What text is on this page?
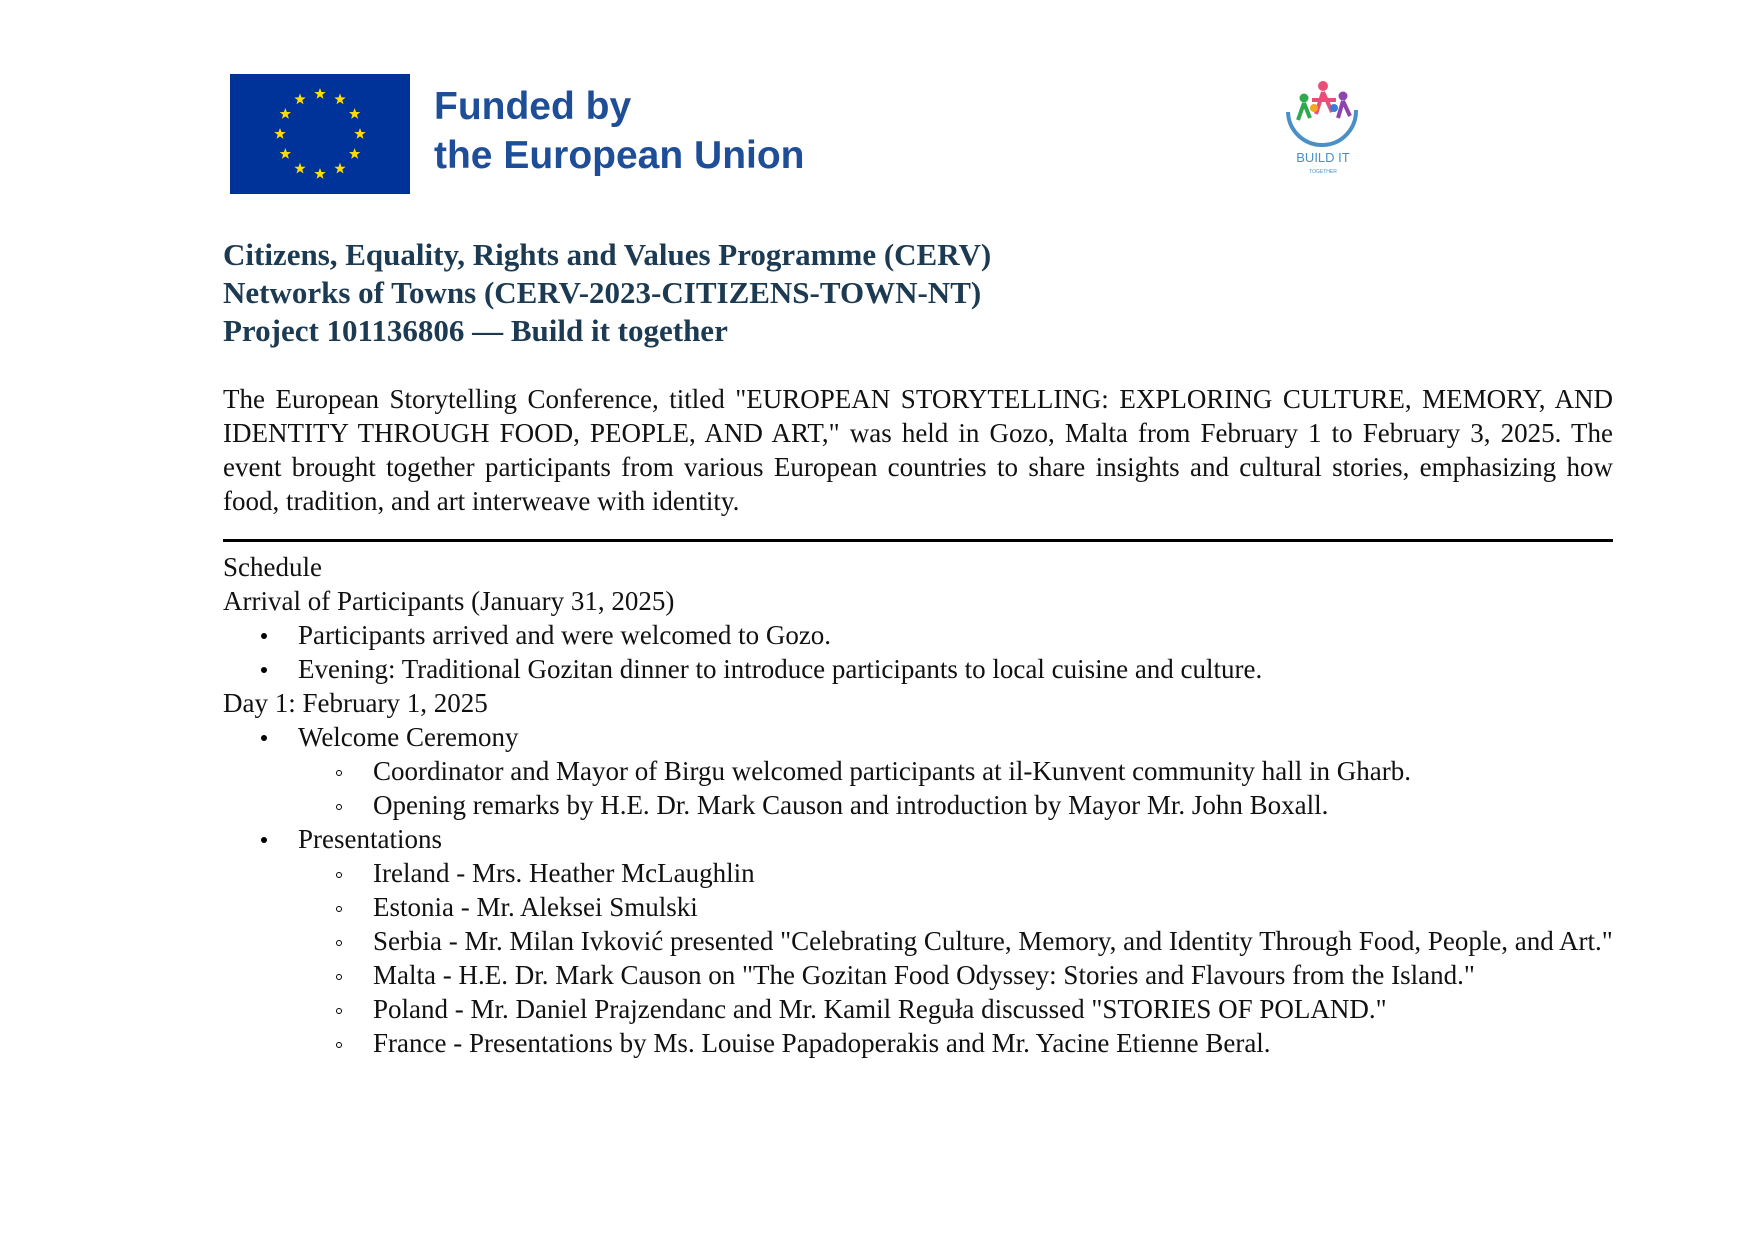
Funded by
the European Union	BUILD IT
TOGETHER
Citizens, Equality, Rights and Values Programme (CERV)
Networks of Towns (CERV-2023-CITIZENS-TOWN-NT)
Project 101136806 — Build it together

The European Storytelling Conference, titled "EUROPEAN STORYTELLING: EXPLORING CULTURE, MEMORY, AND IDENTITY THROUGH FOOD, PEOPLE, AND ART," was held in Gozo, Malta from February 1 to February 3, 2025. The event brought together participants from various European countries to share insights and cultural stories, emphasizing how food, tradition, and art interweave with identity.

Schedule
Arrival of Participants (January 31, 2025)
Participants arrived and were welcomed to Gozo.
Evening: Traditional Gozitan dinner to introduce participants to local cuisine and culture.
Day 1: February 1, 2025
Welcome Ceremony
Coordinator and Mayor of Birgu welcomed participants at il-Kunvent community hall in Gharb.
Opening remarks by H.E. Dr. Mark Causon and introduction by Mayor Mr. John Boxall.
Presentations
Ireland - Mrs. Heather McLaughlin
Estonia - Mr. Aleksei Smulski
Serbia - Mr. Milan Ivković presented "Celebrating Culture, Memory, and Identity Through Food, People, and Art."
Malta - H.E. Dr. Mark Causon on "The Gozitan Food Odyssey: Stories and Flavours from the Island."
Poland - Mr. Daniel Prajzendanc and Mr. Kamil Reguła discussed "STORIES OF POLAND."
France - Presentations by Ms. Louise Papadoperakis and Mr. Yacine Etienne Beral.
